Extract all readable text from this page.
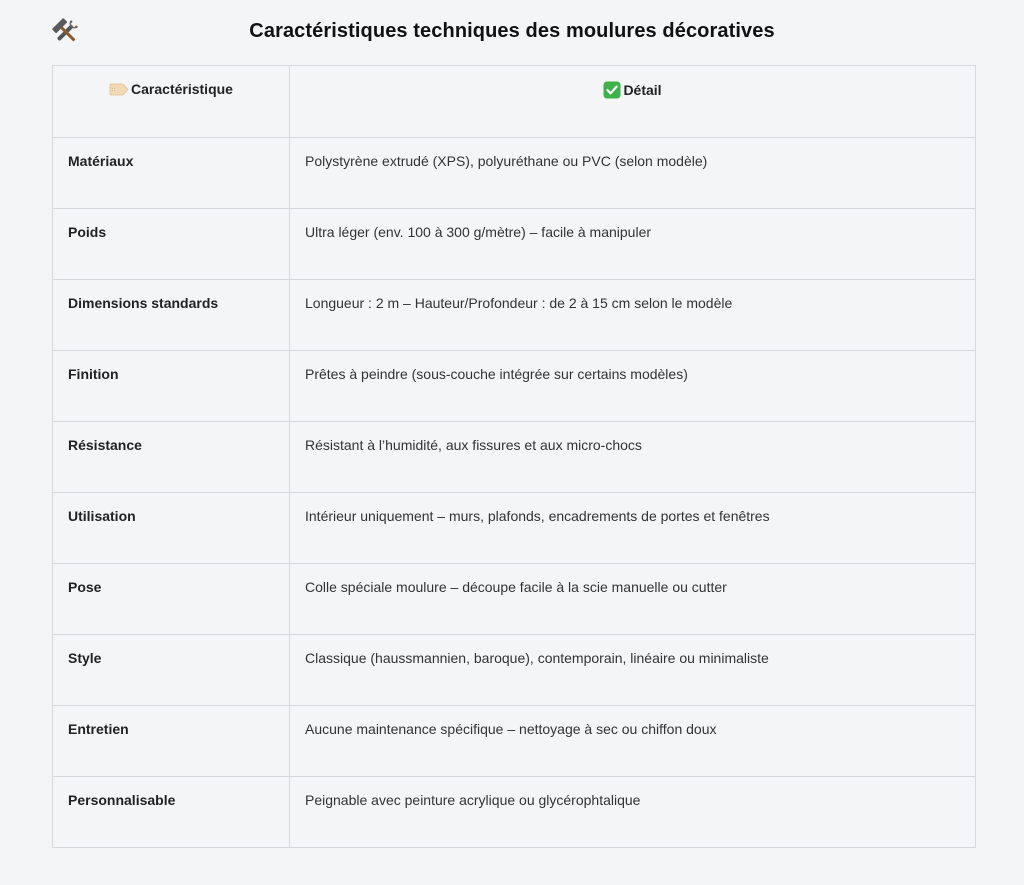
Caractéristiques techniques des moulures décoratives
Caractéristique	Détail
Matériaux	Polystyrène extrudé (XPS), polyuréthane ou PVC (selon modèle)
Poids	Ultra léger (env. 100 à 300 g/mètre) – facile à manipuler
Dimensions standards	Longueur : 2 m – Hauteur/Profondeur : de 2 à 15 cm selon le modèle
Finition	Prêtes à peindre (sous-couche intégrée sur certains modèles)
Résistance	Résistant à l’humidité, aux fissures et aux micro-chocs
Utilisation	Intérieur uniquement – murs, plafonds, encadrements de portes et fenêtres
Pose	Colle spéciale moulure – découpe facile à la scie manuelle ou cutter
Style	Classique (haussmannien, baroque), contemporain, linéaire ou minimaliste
Entretien	Aucune maintenance spécifique – nettoyage à sec ou chiffon doux
Personnalisable	Peignable avec peinture acrylique ou glycérophtalique
